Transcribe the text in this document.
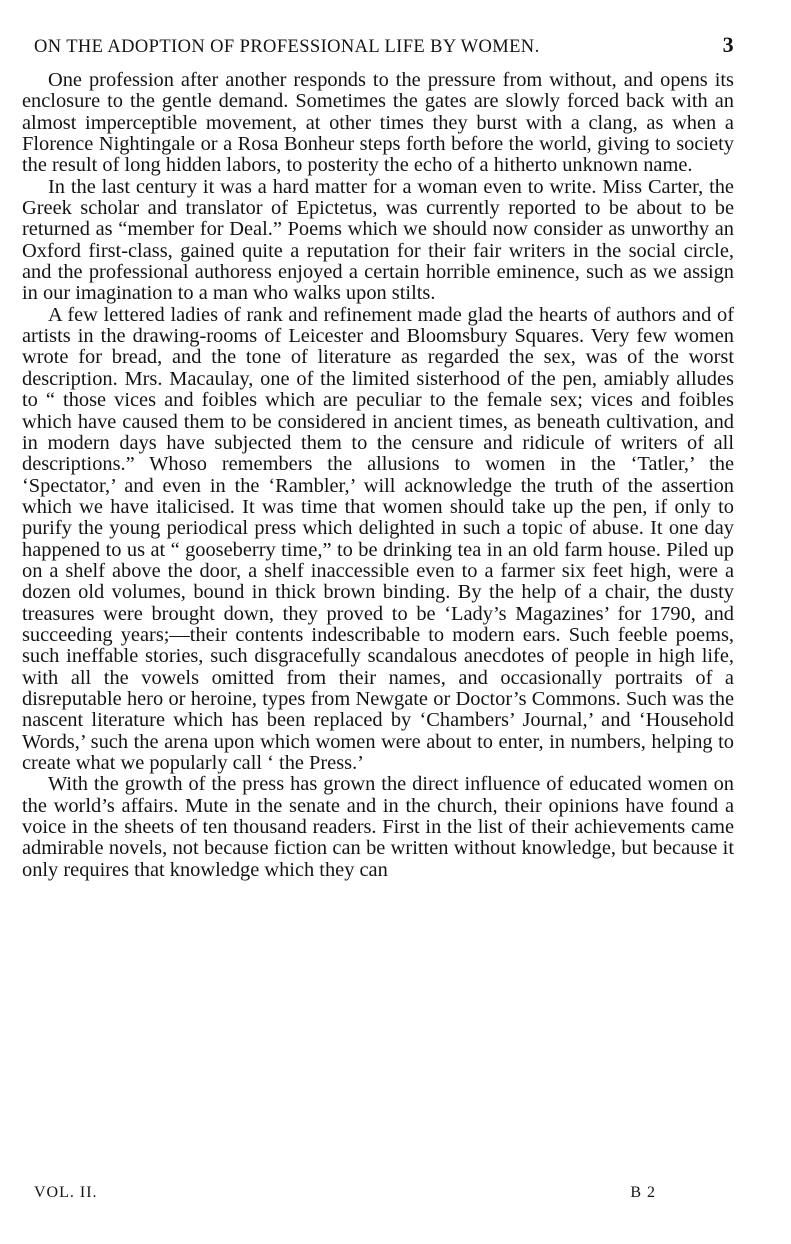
ON THE ADOPTION OF PROFESSIONAL LIFE BY WOMEN.	3

One profession after another responds to the pressure from without, and opens its enclosure to the gentle demand. Sometimes the gates are slowly forced back with an almost imperceptible movement, at other times they burst with a clang, as when a Florence Nightingale or a Rosa Bonheur steps forth before the world, giving to society the result of long hidden labors, to posterity the echo of a hitherto unknown name.

In the last century it was a hard matter for a woman even to write. Miss Carter, the Greek scholar and translator of Epictetus, was currently reported to be about to be returned as “member for Deal.” Poems which we should now consider as unworthy an Oxford first-class, gained quite a reputation for their fair writers in the social circle, and the professional authoress enjoyed a certain horrible eminence, such as we assign in our imagination to a man who walks upon stilts.

A few lettered ladies of rank and refinement made glad the hearts of authors and of artists in the drawing-rooms of Leicester and Bloomsbury Squares. Very few women wrote for bread, and the tone of literature as regarded the sex, was of the worst description. Mrs. Macaulay, one of the limited sisterhood of the pen, amiably alludes to “ those vices and foibles which are peculiar to the female sex; vices and foibles which have caused them to be considered in ancient times, as beneath cultivation, and in modern days have subjected them to the censure and ridicule of writers of all descriptions.” Whoso remembers the allusions to women in the ‘Tatler,’ the ‘Spectator,’ and even in the ‘Rambler,’ will acknowledge the truth of the assertion which we have italicised. It was time that women should take up the pen, if only to purify the young periodical press which delighted in such a topic of abuse. It one day happened to us at “ gooseberry time,” to be drinking tea in an old farm house. Piled up on a shelf above the door, a shelf inaccessible even to a farmer six feet high, were a dozen old volumes, bound in thick brown binding. By the help of a chair, the dusty treasures were brought down, they proved to be ‘Lady’s Magazines’ for 1790, and succeeding years;—their contents indescribable to modern ears. Such feeble poems, such ineffable stories, such disgracefully scandalous anecdotes of people in high life, with all the vowels omitted from their names, and occasionally portraits of a disreputable hero or heroine, types from Newgate or Doctor’s Commons. Such was the nascent literature which has been replaced by ‘Chambers’ Journal,’ and ‘Household Words,’ such the arena upon which women were about to enter, in numbers, helping to create what we popularly call ‘ the Press.’

With the growth of the press has grown the direct influence of educated women on the world’s affairs. Mute in the senate and in the church, their opinions have found a voice in the sheets of ten thousand readers. First in the list of their achievements came admirable novels, not because fiction can be written without knowledge, but because it only requires that knowledge which they can

VOL. II.	B 2
